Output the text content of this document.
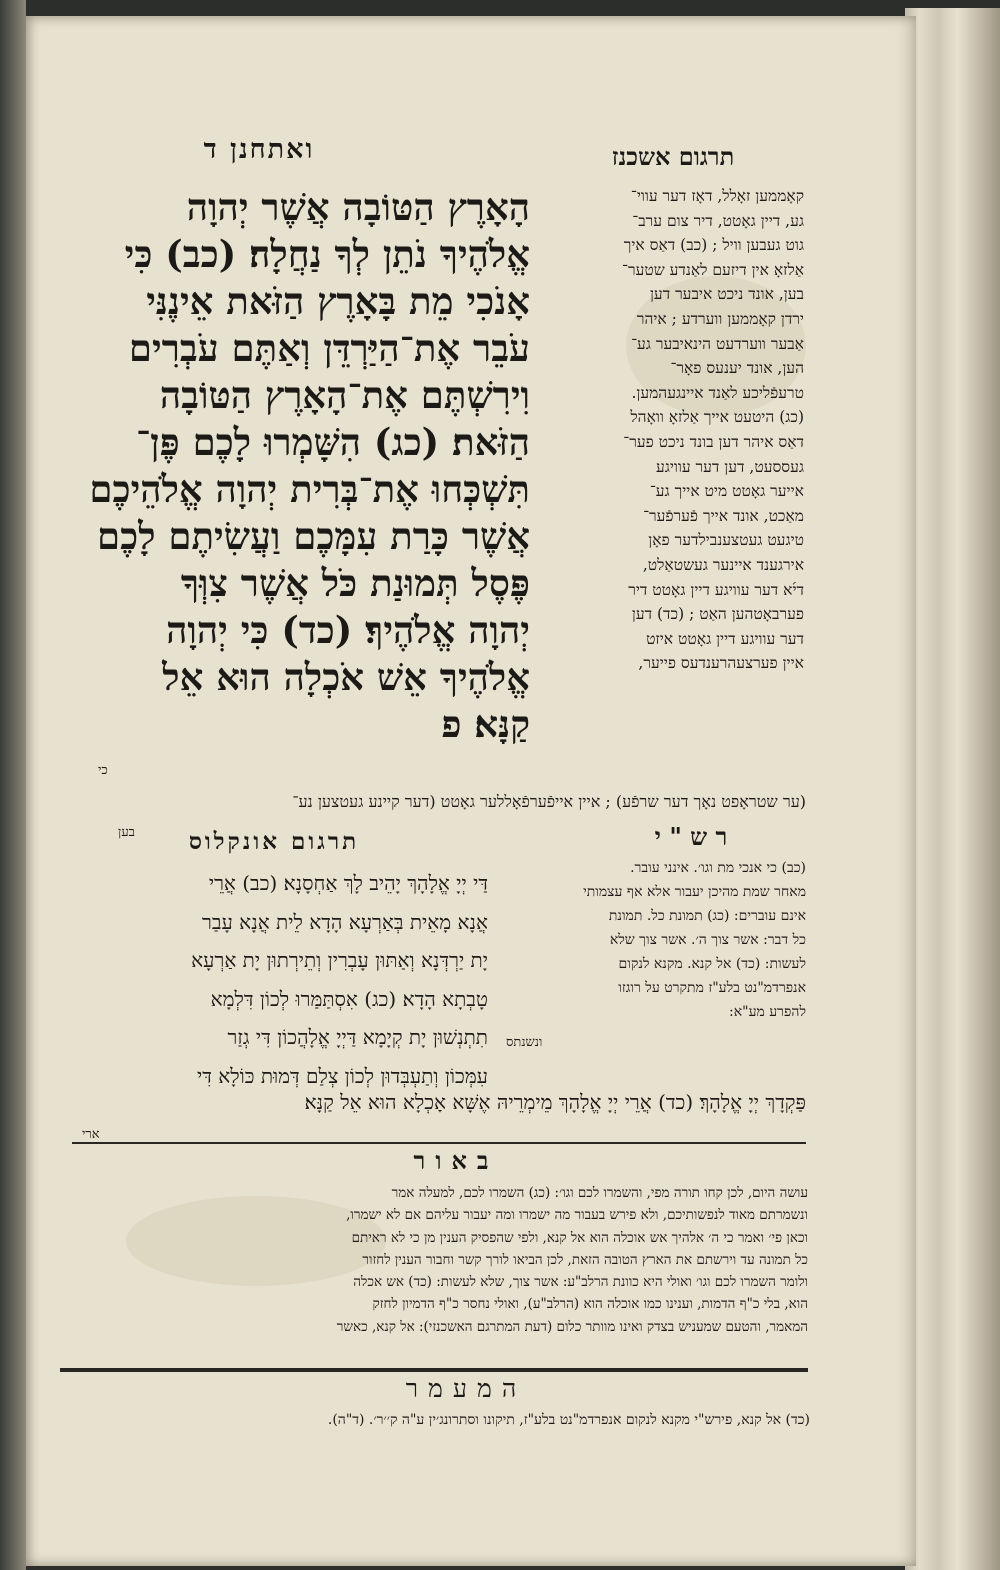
ואתחנן ד	תרגום אשכנז
הָאָרֶץ הַטּוֹבָה אֲשֶׁר יְהוָה
אֱלֹהֶיךָ נֹתֵן לְךָ נַחֲלָה׃ (כב) כִּי
אָנֹכִי מֵת בָּאָרֶץ הַזֹּאת אֵינֶנִּי
עֹבֵר אֶת־הַיַּרְדֵּן וְאַתֶּם עֹבְרִים
וִירִשְׁתֶּם אֶת־הָאָרֶץ הַטּוֹבָה
הַזֹּאת׃ (כג) הִשָּׁמְרוּ לָכֶם פֶּן־
תִּשְׁכְּחוּ אֶת־בְּרִית יְהוָה אֱלֹהֵיכֶם
אֲשֶׁר כָּרַת עִמָּכֶם וַעֲשִׂיתֶם לָכֶם
פֶּסֶל תְּמוּנַת כֹּל אֲשֶׁר צִוְּךָ
יְהוָה אֱלֹהֶיךָ׃ (כד) כִּי יְהוָה
אֱלֹהֶיךָ אֵשׁ אֹכְלָה הוּא אֵל
קַנָּא׃ פ
קאָממען זאָלל, דאָז דער עווי־
גע, דיין גאָטט, דיר צום ערב־
גוט געבען וויל ; (כב) דאַס איך
אַלזאָ אין דיזעם לאַנדע שטער־
בען, אונד ניכט איבער דען
ירדן קאָממען ווערדע ; איהר
אַבער ווערדעט הינאיבער גע־
הען, אונד יענעס פאָר־
טרעפֿליכע לאַנד איינגעהמען.
(כג) היטעט אייך אַלזאָ וואָהל
דאַס איהר דען בונד ניכט פער־
געססעט, דען דער עוויגע
אייער גאָטט מיט אייך גע־
מאַכט, אונד אייך פֿערפֿער־
טיגעט געטצענבילדער פאָן
אירגענד איינער געשטאַלט,
די֜א דער עוויגע דיין גאָטט דיר
פערבאָטהען האַט ; (כד) דען
דער עוויגע דיין גאָטט איזט
איין פערצעהרענדעס פייער,
כי
(ער שטראָפט נאָך דער שרפֿע) ; איין אייפֿערפֿאָללער גאָטט (דער קיינע געטצען נע־
בען	תרגום אונקלוס	ר ש " י
דַּי יְיָ אֱלָהָךְ יָהֵיב לָךְ אַחְסָנָא׃ (כב) אֲרֵי
אֲנָא מָאֵית בְּאַרְעָא הָדָא לֵית אֲנָא עָבַר
יָת יַרְדְּנָא וְאַתּוּן עָבְרִין וְתֵירְתוּן יָת אַרְעָא
טָבְתָא הָדָא׃ (כג) אִסְתַּמַּרוּ לְכוֹן דִּלְמָא
תִתְנְשׁוּן יָת קְיָמָא דַּיְיָ אֱלָהֲכוֹן דִּי גְזַר
עִמְּכוֹן וְתַעְבְּדוּן לְכוֹן צְלַם דְּמוּת כּוֹלָא דִּי
(כב) כי אנכי מת וגו׳. אינני עובר.
מאחר שמת מהיכן יעבור אלא אף עצמותי
אינם עוברים: (כג) תמונת כל. תמונת
כל דבר: אשר צוך ה׳. אשר צוך שלא
לעשות: (כד) אל קנא. מקנא לנקום
אנפרדמ"נט בלע"ז מתקרט על רוגזו
להפרע מע"א:
ונשנתס
פַּקְדָךְ יְיָ אֱלָהָךְ׃ (כד) אֲרֵי יְיָ אֱלָהָךְ מֵימְרֵיהּ אֶשָּׁא אָכְלָא הוּא אֵל קַנָּא׃
ארי
באור
עושה היום, לכן קחו תורה מפי, והשמרו לכם וגו׳: (כג) השמרו לכם, למעלה אמר
ונשמרתם מאוד לנפשותיכם, ולא פירש בעבור מה ישמרו ומה יעבור עליהם אם לא ישמרו,
וכאן פי׳ ואמר כי ה׳ אלהיך אש אוכלה הוא אל קנא, ולפי שהפסיק הענין מן כי לא ראיתם
כל תמונה עד וירשתם את הארץ הטובה הזאת, לכן הביאו לורך קשר וחבור הענין לחזור
ולומר השמרו לכם וגו׳ ואולי היא כוונת הרלב"ע: אשר צוך, שלא לעשות: (כד) אש אכלה
הוא, בלי כ"ף הדמות, וענינו כמו אוכלה הוא (הרלב"ע), ואולי נחסר כ"ף הדמיון לחזק
המאמר, והטעם שמעניש בצדק ואינו מוותר כלום (דעת המתרגם האשכנזי): אל קנא, כאשר
המעמר
(כד) אל קנא, פירש"י מקנא לנקום אנפרדמ"נט בלע"ז, תיקונו וסתרונג׳ין ע"ה ק׳׳ר׳. (ד"ה).
